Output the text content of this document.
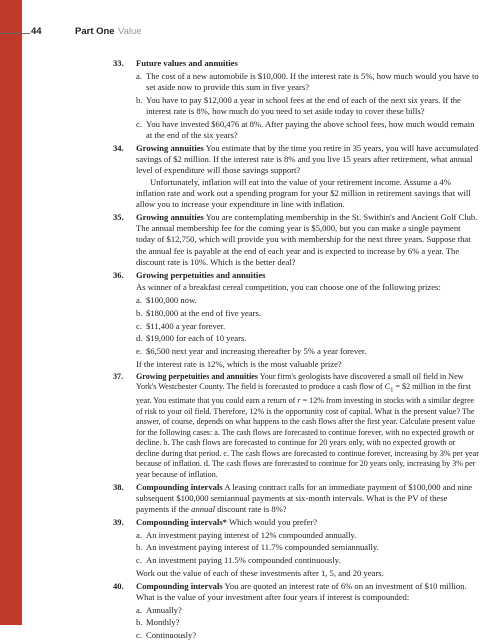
44	Part One Value
33. Future values and annuities
a. The cost of a new automobile is $10,000. If the interest rate is 5%, how much would you have to set aside now to provide this sum in five years?
b. You have to pay $12,000 a year in school fees at the end of each of the next six years. If the interest rate is 8%, how much do you need to set aside today to cover these bills?
c. You have invested $60,476 at 8%. After paying the above school fees, how much would remain at the end of the six years?
34. Growing annuities You estimate that by the time you retire in 35 years, you will have accumulated savings of $2 million. If the interest rate is 8% and you live 15 years after retirement, what annual level of expenditure will those savings support?
Unfortunately, inflation will eat into the value of your retirement income. Assume a 4% inflation rate and work out a spending program for your $2 million in retirement savings that will allow you to increase your expenditure in line with inflation.
35. Growing annuities You are contemplating membership in the St. Swithin's and Ancient Golf Club. The annual membership fee for the coming year is $5,000, but you can make a single payment today of $12,750, which will provide you with membership for the next three years. Suppose that the annual fee is payable at the end of each year and is expected to increase by 6% a year. The discount rate is 10%. Which is the better deal?
36. Growing perpetuities and annuities
As winner of a breakfast cereal competition, you can choose one of the following prizes:
a. $100,000 now.
b. $180,000 at the end of five years.
c. $11,400 a year forever.
d. $19,000 for each of 10 years.
e. $6,500 next year and increasing thereafter by 5% a year forever.
If the interest rate is 12%, which is the most valuable prize?
37. Growing perpetuities and annuities Your firm's geologists have discovered a small oil field in New York's Westchester County. The field is forecasted to produce a cash flow of $C_1$ = $2 million in the first year. You estimate that you could earn a return of r = 12% from investing in stocks with a similar degree of risk to your oil field. Therefore, 12% is the opportunity cost of capital. What is the present value? The answer, of course, depends on what happens to the cash flows after the first year. Calculate present value for the following cases: a. The cash flows are forecasted to continue forever, with no expected growth or decline. b. The cash flows are forecasted to continue for 20 years only, with no expected growth or decline during that period. c. The cash flows are forecasted to continue forever, increasing by 3% per year because of inflation. d. The cash flows are forecasted to continue for 20 years only, increasing by 3% per year because of inflation.
38. Compounding intervals A leasing contract calls for an immediate payment of $100,000 and nine subsequent $100,000 semiannual payments at six-month intervals. What is the PV of these payments if the annual discount rate is 8%?
39. Compounding intervals* Which would you prefer?
a. An investment paying interest of 12% compounded annually.
b. An investment paying interest of 11.7% compounded semiannually.
c. An investment paying 11.5% compounded continuously.
Work out the value of each of these investments after 1, 5, and 20 years.
40. Compounding intervals You are quoted an interest rate of 6% on an investment of $10 million. What is the value of your investment after four years if interest is compounded:
a. Annually?
b. Monthly?
c. Continuously?
